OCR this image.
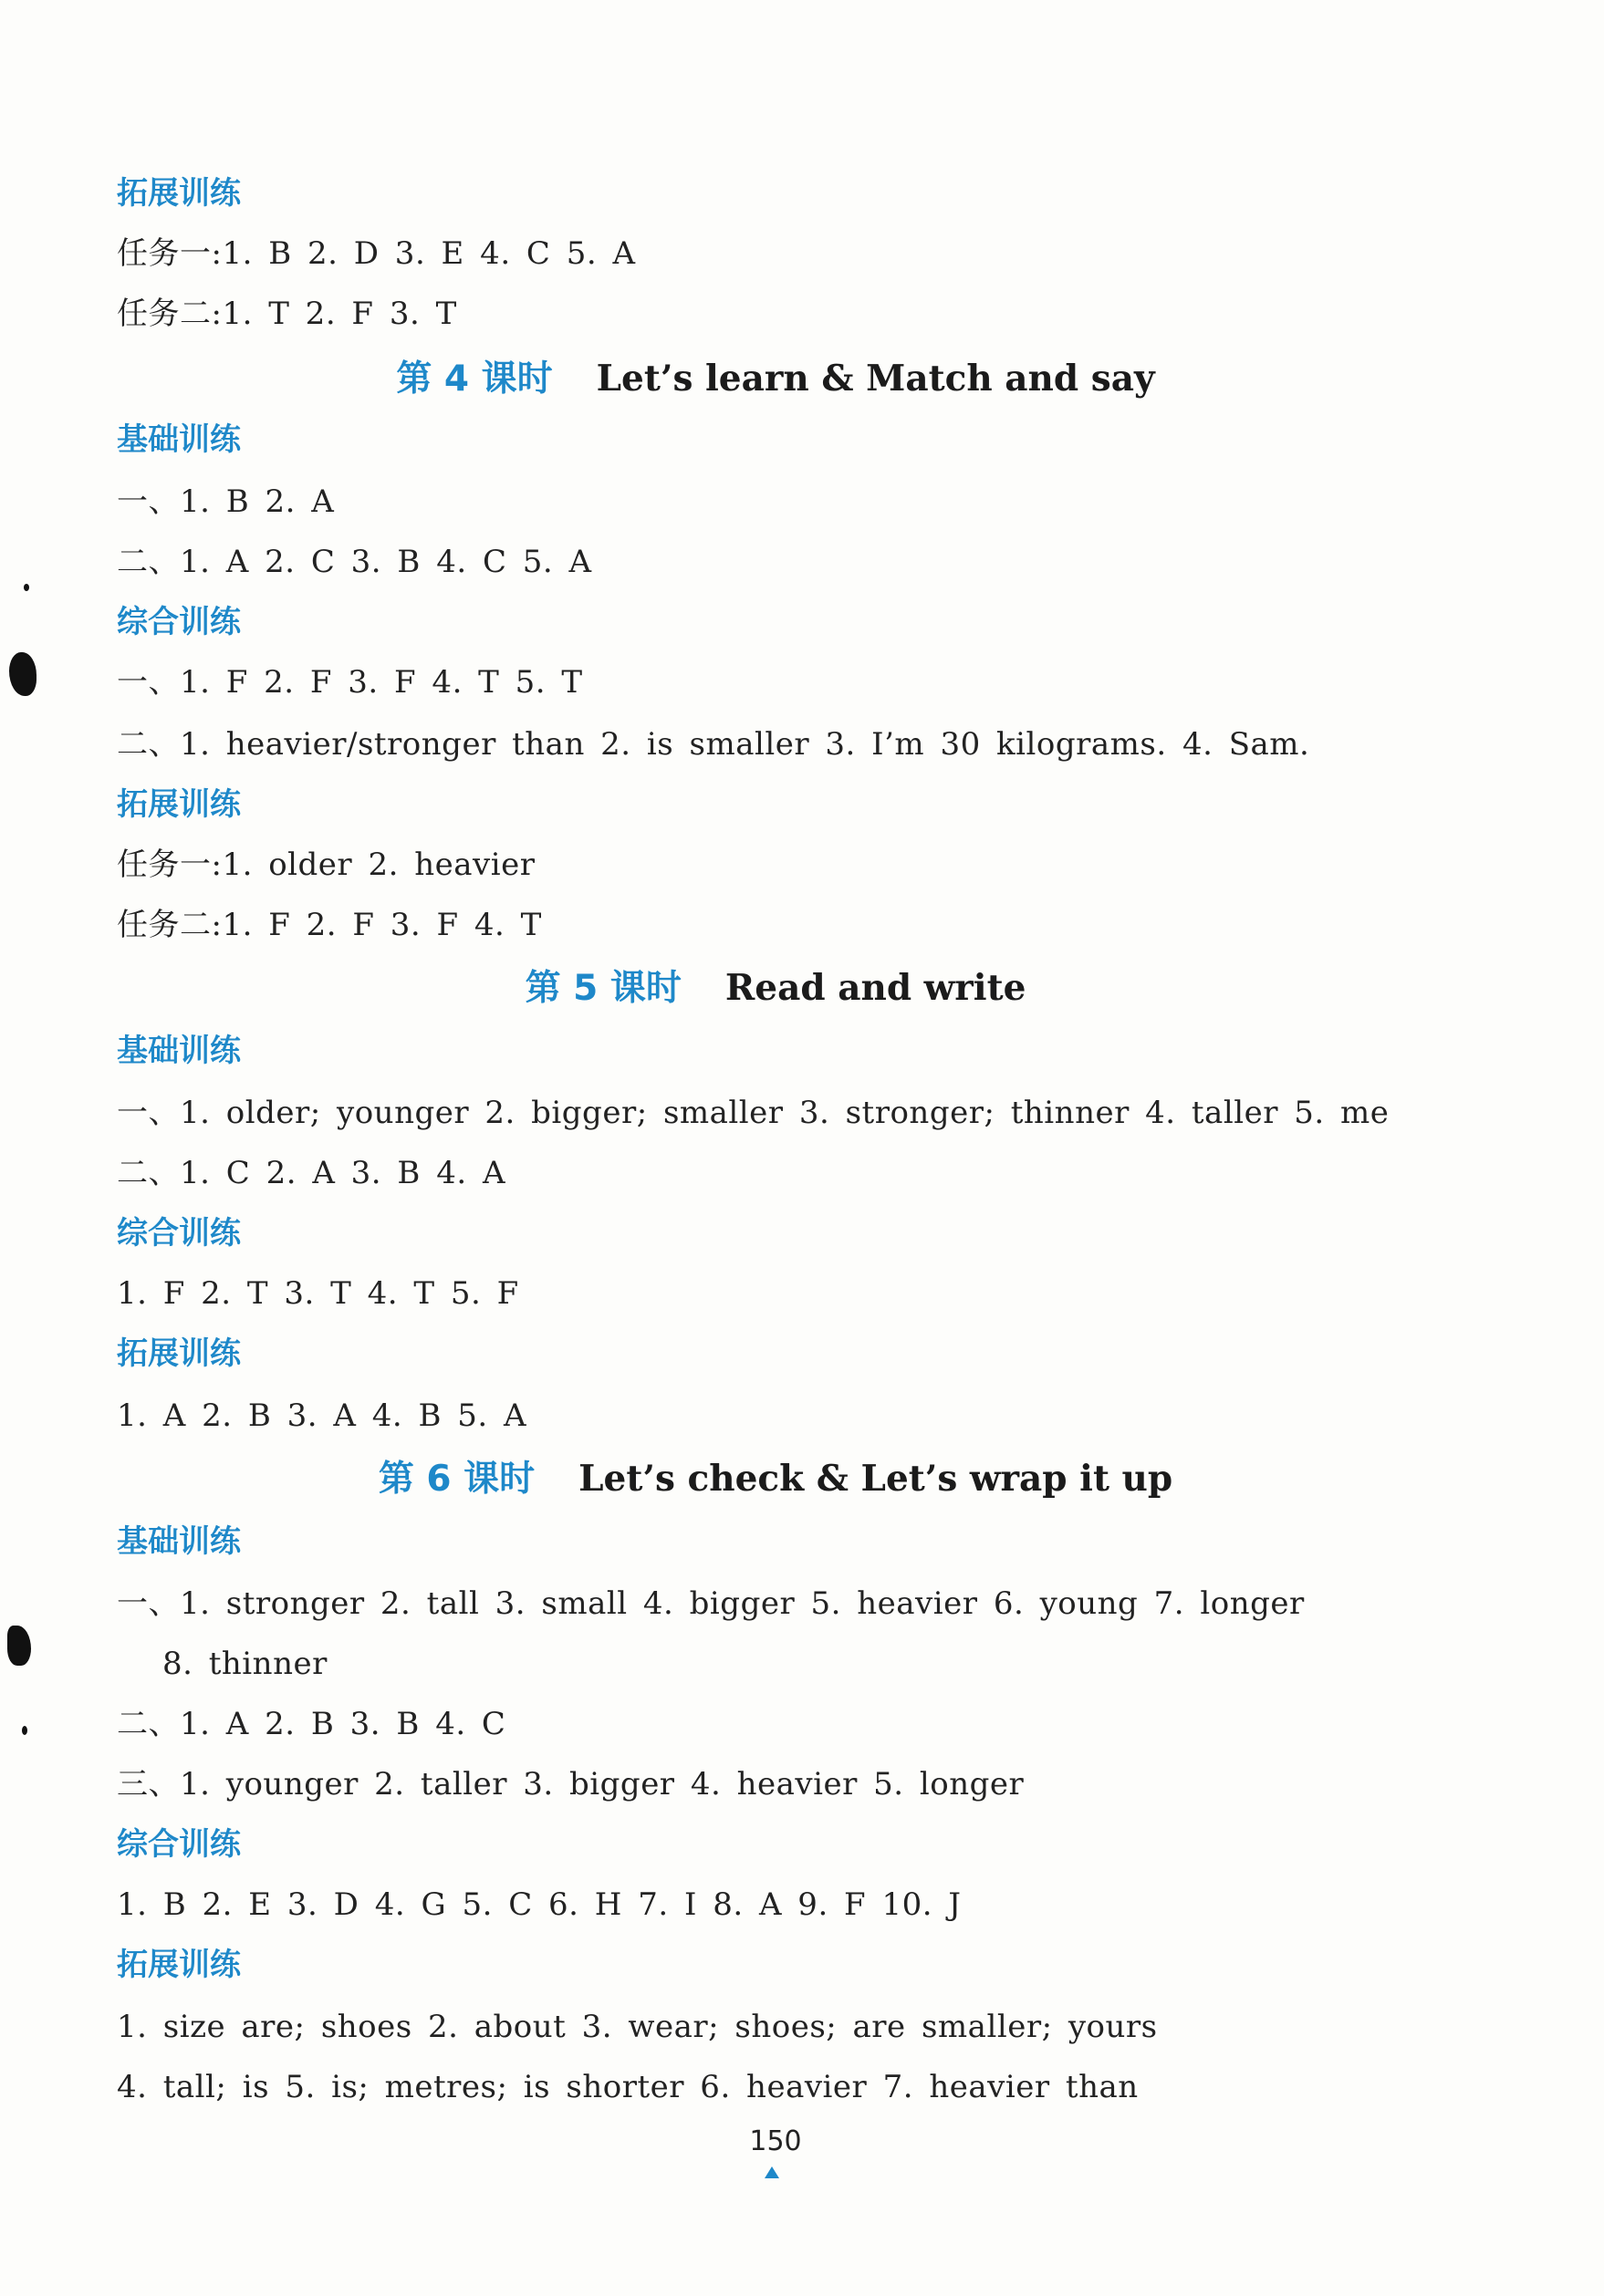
拓展训练
任务一:1. B 2. D 3. E 4. C 5. A
任务二:1. T 2. F 3. T
第 4 课时 Let’s learn & Match and say
基础训练
一、1. B 2. A
二、1. A 2. C 3. B 4. C 5. A
综合训练
一、1. F 2. F 3. F 4. T 5. T
二、1. heavier/stronger than 2. is smaller 3. I’m 30 kilograms. 4. Sam.
拓展训练
任务一:1. older 2. heavier
任务二:1. F 2. F 3. F 4. T
第 5 课时 Read and write
基础训练
一、1. older; younger 2. bigger; smaller 3. stronger; thinner 4. taller 5. me
二、1. C 2. A 3. B 4. A
综合训练
1. F 2. T 3. T 4. T 5. F
拓展训练
1. A 2. B 3. A 4. B 5. A
第 6 课时 Let’s check & Let’s wrap it up
基础训练
一、1. stronger 2. tall 3. small 4. bigger 5. heavier 6. young 7. longer
8. thinner
二、1. A 2. B 3. B 4. C
三、1. younger 2. taller 3. bigger 4. heavier 5. longer
综合训练
1. B 2. E 3. D 4. G 5. C 6. H 7. I 8. A 9. F 10. J
拓展训练
1. size are; shoes 2. about 3. wear; shoes; are smaller; yours
4. tall; is 5. is; metres; is shorter 6. heavier 7. heavier than
150
